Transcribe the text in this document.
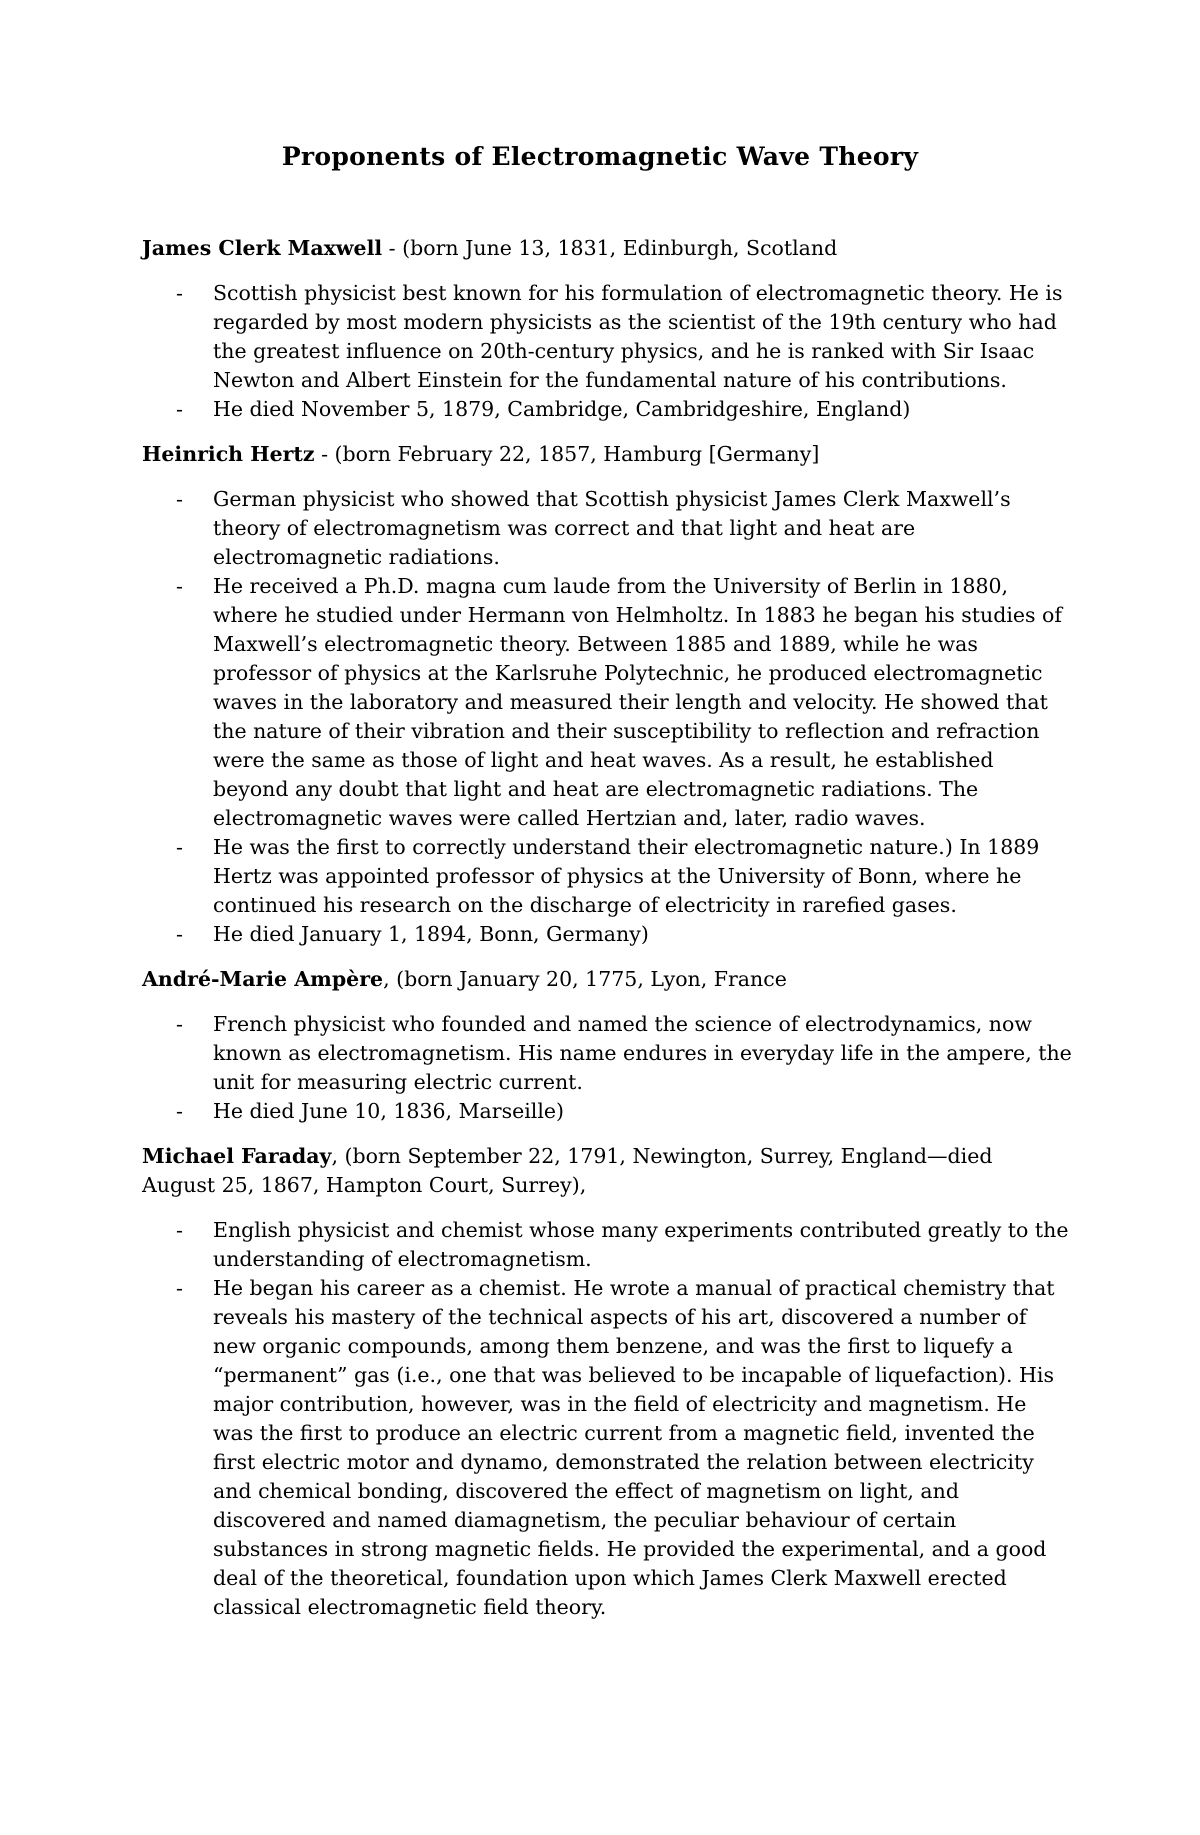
Proponents of Electromagnetic Wave Theory

James Clerk Maxwell - (born June 13, 1831, Edinburgh, Scotland

- Scottish physicist best known for his formulation of electromagnetic theory. He is regarded by most modern physicists as the scientist of the 19th century who had the greatest influence on 20th-century physics, and he is ranked with Sir Isaac Newton and Albert Einstein for the fundamental nature of his contributions.
- He died November 5, 1879, Cambridge, Cambridgeshire, England)

Heinrich Hertz - (born February 22, 1857, Hamburg [Germany]

- German physicist who showed that Scottish physicist James Clerk Maxwell’s theory of electromagnetism was correct and that light and heat are electromagnetic radiations.
- He received a Ph.D. magna cum laude from the University of Berlin in 1880, where he studied under Hermann von Helmholtz. In 1883 he began his studies of Maxwell’s electromagnetic theory. Between 1885 and 1889, while he was professor of physics at the Karlsruhe Polytechnic, he produced electromagnetic waves in the laboratory and measured their length and velocity. He showed that the nature of their vibration and their susceptibility to reflection and refraction were the same as those of light and heat waves. As a result, he established beyond any doubt that light and heat are electromagnetic radiations. The electromagnetic waves were called Hertzian and, later, radio waves.
- He was the first to correctly understand their electromagnetic nature.) In 1889 Hertz was appointed professor of physics at the University of Bonn, where he continued his research on the discharge of electricity in rarefied gases.
- He died January 1, 1894, Bonn, Germany)

André-Marie Ampère, (born January 20, 1775, Lyon, France

- French physicist who founded and named the science of electrodynamics, now known as electromagnetism. His name endures in everyday life in the ampere, the unit for measuring electric current.
- He died June 10, 1836, Marseille)

Michael Faraday, (born September 22, 1791, Newington, Surrey, England—died August 25, 1867, Hampton Court, Surrey),

- English physicist and chemist whose many experiments contributed greatly to the understanding of electromagnetism.
- He began his career as a chemist. He wrote a manual of practical chemistry that reveals his mastery of the technical aspects of his art, discovered a number of new organic compounds, among them benzene, and was the first to liquefy a “permanent” gas (i.e., one that was believed to be incapable of liquefaction). His major contribution, however, was in the field of electricity and magnetism. He was the first to produce an electric current from a magnetic field, invented the first electric motor and dynamo, demonstrated the relation between electricity and chemical bonding, discovered the effect of magnetism on light, and discovered and named diamagnetism, the peculiar behaviour of certain substances in strong magnetic fields. He provided the experimental, and a good deal of the theoretical, foundation upon which James Clerk Maxwell erected classical electromagnetic field theory.
